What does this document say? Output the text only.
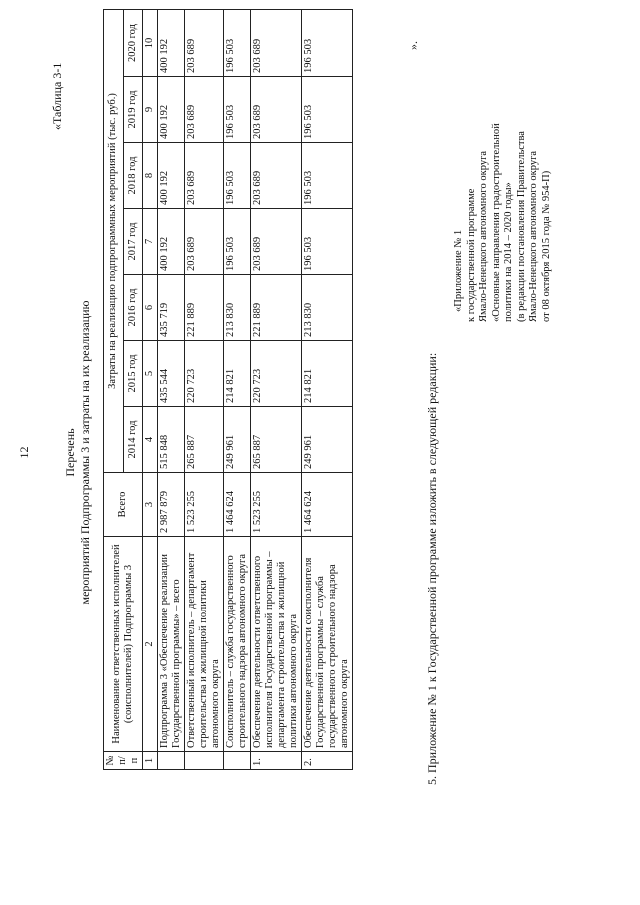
12
«Таблица 3-1
Перечень мероприятий Подпрограммы 3 и затраты на их реализацию
№ п/п	Наименование ответственных исполнителей (соисполнителей) Подпрограммы 3	Всего	Затраты на реализацию подпрограммных мероприятий (тыс. руб.)						
			2014 год	2015 год	2016 год	2017 год	2018 год	2019 год	2020 год
1	2	3	4	5	6	7	8	9	10
	Подпрограмма 3 «Обеспечение реализации Государственной программы» – всего	2 987 879	515 848	435 544	435 719	400 192	400 192	400 192	400 192
	Ответственный исполнитель – департамент строительства и жилищной политики автономного округа	1 523 255	265 887	220 723	221 889	203 689	203 689	203 689	203 689
	Соисполнитель – служба государственного строительного надзора автономного округа	1 464 624	249 961	214 821	213 830	196 503	196 503	196 503	196 503
1.	Обеспечение деятельности ответственного исполнителя Государственной программы – департамента строительства и жилищной политики автономного округа	1 523 255	265 887	220 723	221 889	203 689	203 689	203 689	203 689
2.	Обеспечение деятельности соисполнителя Государственной программы – служба государственного строительного надзора автономного округа	1 464 624	249 961	214 821	213 830	196 503	196 503	196 503	196 503	».
5. Приложение № 1 к Государственной программе изложить в следующей редакции:
«Приложение № 1 к государственной программе Ямало-Ненецкого автономного округа «Основные направления градостроительной политики на 2014 – 2020 годы» (в редакции постановления Правительства Ямало-Ненецкого автономного округа от 08 октября 2015 года № 954-П)
